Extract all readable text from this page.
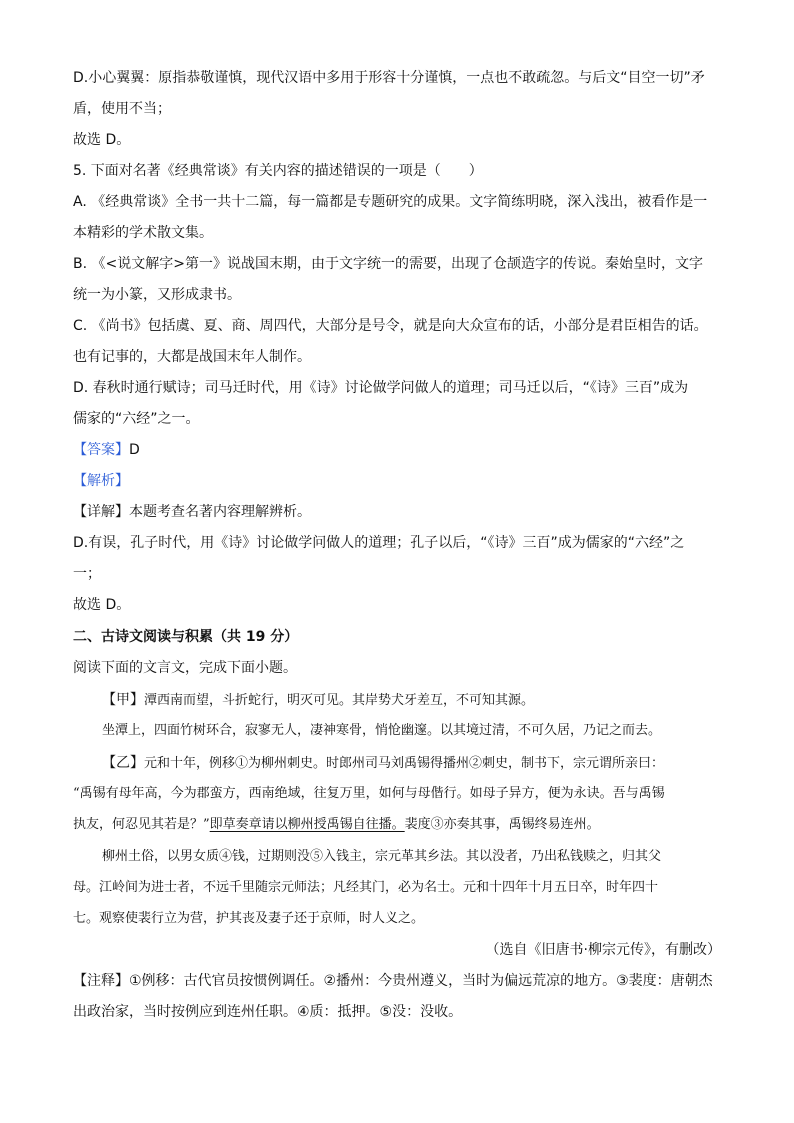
D.小心翼翼：原指恭敬谨慎，现代汉语中多用于形容十分谨慎，一点也不敢疏忽。与后文“目空一切”矛
盾，使用不当；
故选 D。
5. 下面对名著《经典常谈》有关内容的描述错误的一项是（　　）
A. 《经典常谈》全书一共十二篇，每一篇都是专题研究的成果。文字简练明晓，深入浅出，被看作是一
本精彩的学术散文集。
B. 《<说文解字>第一》说战国末期，由于文字统一的需要，出现了仓颉造字的传说。秦始皇时，文字
统一为小篆，又形成隶书。
C. 《尚书》包括虞、夏、商、周四代，大部分是号令，就是向大众宣布的话，小部分是君臣相告的话。
也有记事的，大都是战国末年人制作。
D. 春秋时通行赋诗；司马迁时代，用《诗》讨论做学问做人的道理；司马迁以后，“《诗》三百”成为
儒家的“六经”之一。
【答案】D
【解析】
【详解】本题考查名著内容理解辨析。
D.有误，孔子时代，用《诗》讨论做学问做人的道理；孔子以后，“《诗》三百”成为儒家的“六经”之
一；
故选 D。
二、古诗文阅读与积累（共 19 分）
阅读下面的文言文，完成下面小题。
【甲】潭西南而望，斗折蛇行，明灭可见。其岸势犬牙差互，不可知其源。
坐潭上，四面竹树环合，寂寥无人，凄神寒骨，悄怆幽邃。以其境过清，不可久居，乃记之而去。
【乙】元和十年，例移①为柳州刺史。时郎州司马刘禹锡得播州②刺史，制书下，宗元谓所亲曰：
“禹锡有母年高，今为郡蛮方，西南绝域，往复万里，如何与母偕行。如母子异方，便为永诀。吾与禹锡
执友，何忍见其若是？”即草奏章请以柳州授禹锡自往播。裴度③亦奏其事，禹锡终易连州。
柳州土俗，以男女质④钱，过期则没⑤入钱主，宗元革其乡法。其以没者，乃出私钱赎之，归其父
母。江岭间为进士者，不远千里随宗元师法；凡经其门，必为名士。元和十四年十月五日卒，时年四十
七。观察使裴行立为营，护其丧及妻子还于京师，时人义之。
（选自《旧唐书·柳宗元传》，有删改）
【注释】①例移：古代官员按惯例调任。②播州：今贵州遵义，当时为偏远荒凉的地方。③裴度：唐朝杰
出政治家，当时按例应到连州任职。④质：抵押。⑤没：没收。
